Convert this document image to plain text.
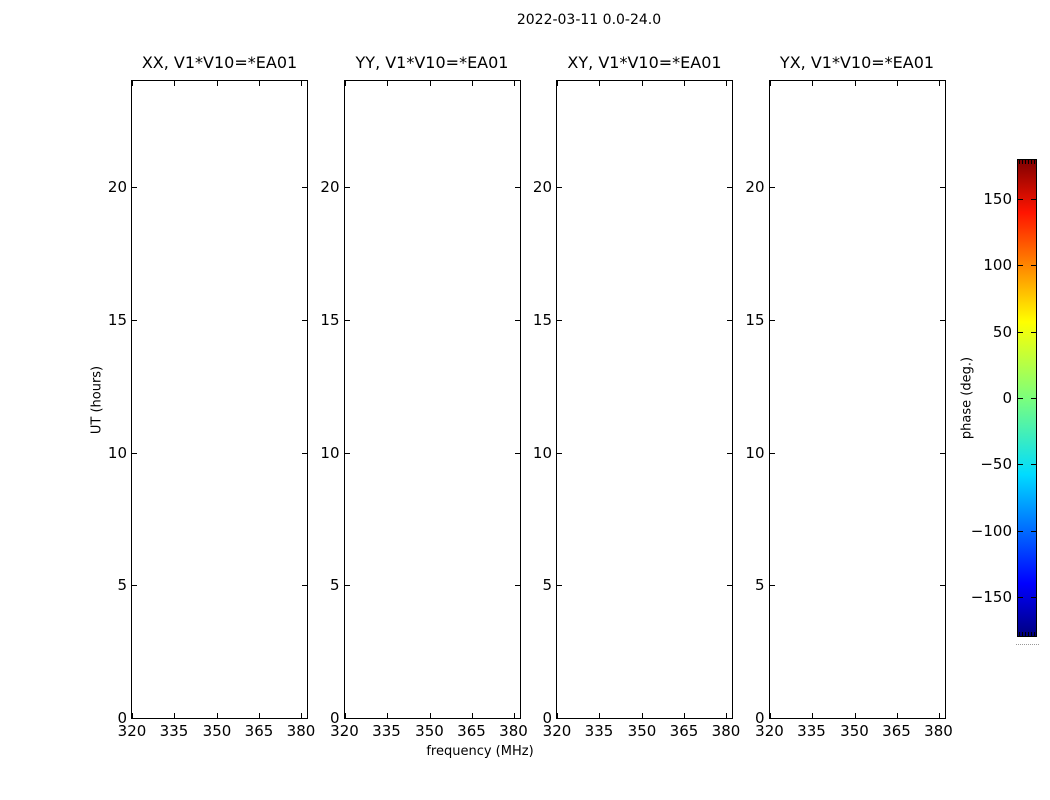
2022-03-11 0.0-24.0
XX, V1*V10=*EA01
320 335 350 365 380
0
5
10
15
20
YY, V1*V10=*EA01
320 335 350 365 380
0
5
10
15
20
XY, V1*V10=*EA01
320 335 350 365 380
0
5
10
15
20
YX, V1*V10=*EA01
320 335 350 365 380
0
5
10
15
20
UT (hours)
frequency (MHz)
150
100
50
0
−50
−100
−150
phase (deg.)
